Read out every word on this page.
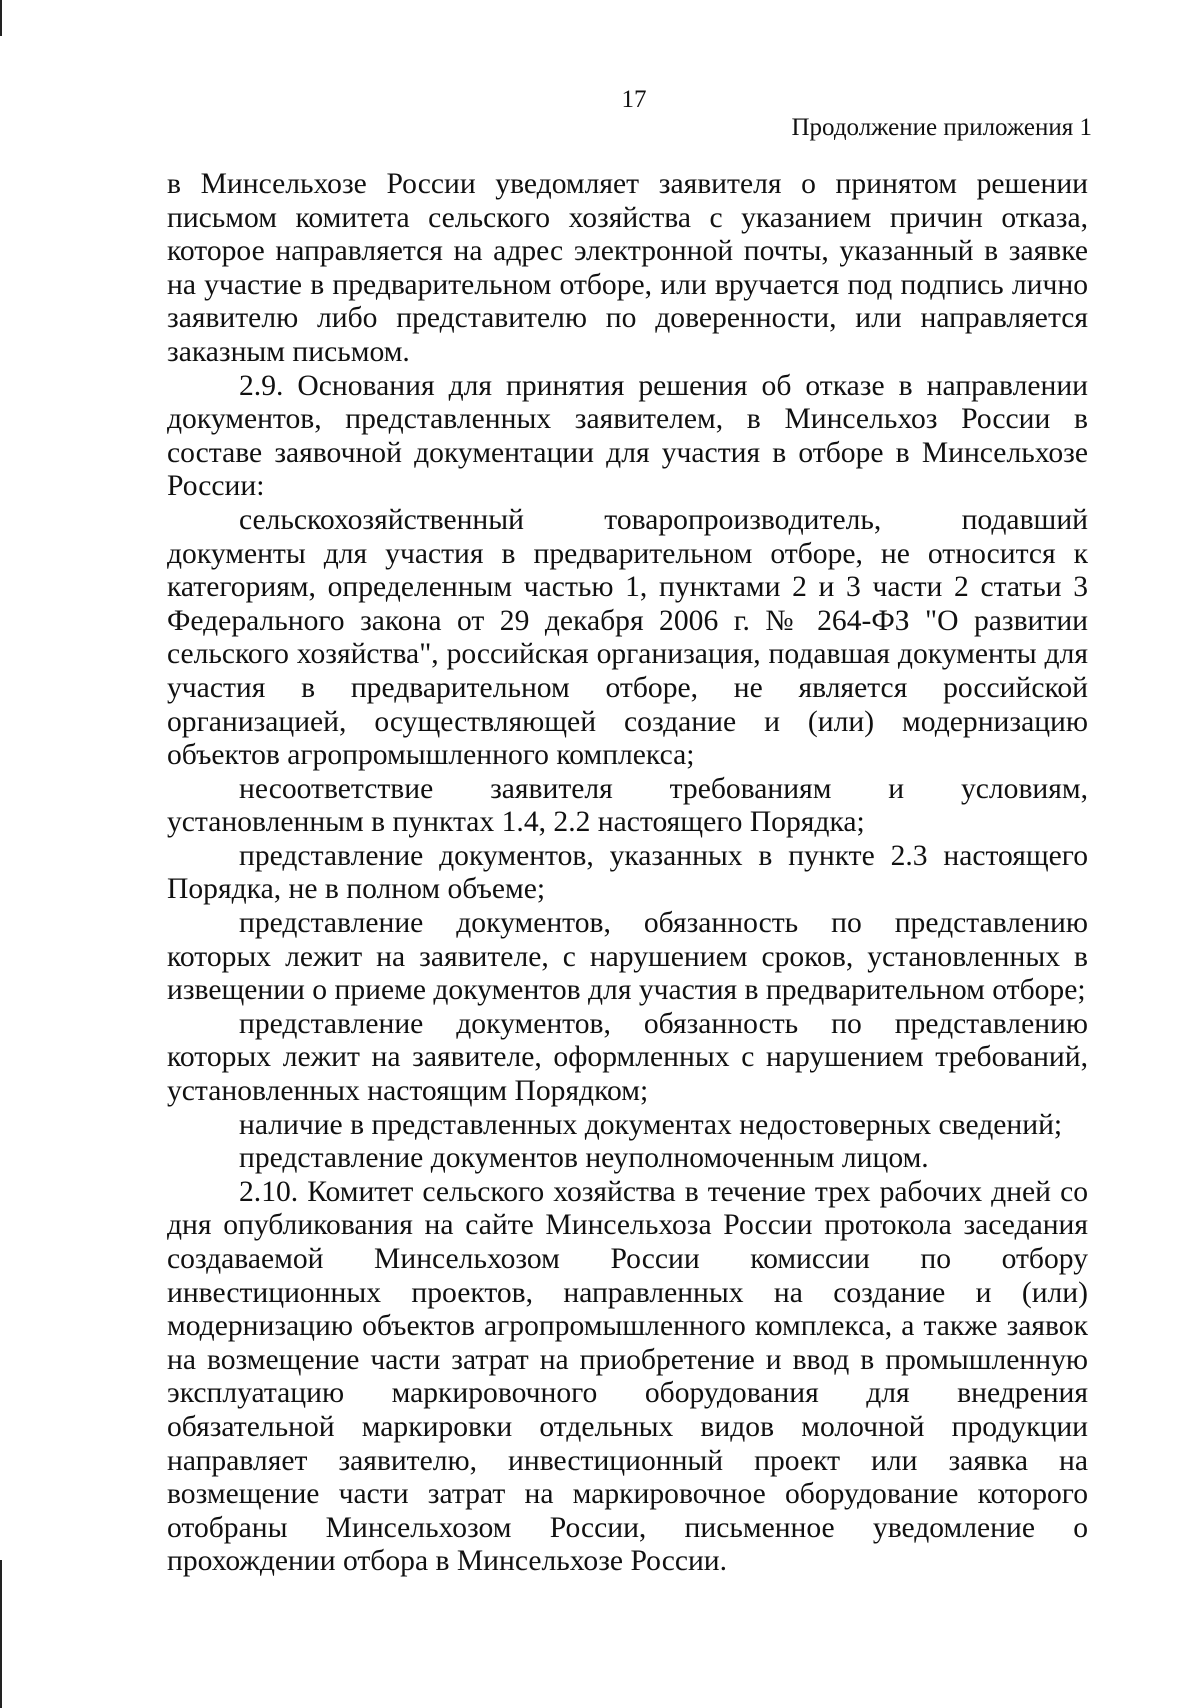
17
Продолжение приложения 1

в Минсельхозе России уведомляет заявителя о принятом решении письмом комитета сельского хозяйства с указанием причин отказа, которое направляется на адрес электронной почты, указанный в заявке на участие в предварительном отборе, или вручается под подпись лично заявителю либо представителю по доверенности, или направляется заказным письмом.

2.9. Основания для принятия решения об отказе в направлении документов, представленных заявителем, в Минсельхоз России в составе заявочной документации для участия в отборе в Минсельхозе России:

сельскохозяйственный товаропроизводитель, подавший документы для участия в предварительном отборе, не относится к категориям, определенным частью 1, пунктами 2 и 3 части 2 статьи 3 Федерального закона от 29 декабря 2006 г. № 264-ФЗ "О развитии сельского хозяйства", российская организация, подавшая документы для участия в предварительном отборе, не является российской организацией, осуществляющей создание и (или) модернизацию объектов агропромышленного комплекса;

несоответствие заявителя требованиям и условиям, установленным в пунктах 1.4, 2.2 настоящего Порядка;

представление документов, указанных в пункте 2.3 настоящего Порядка, не в полном объеме;

представление документов, обязанность по представлению которых лежит на заявителе, с нарушением сроков, установленных в извещении о приеме документов для участия в предварительном отборе;

представление документов, обязанность по представлению которых лежит на заявителе, оформленных с нарушением требований, установленных настоящим Порядком;

наличие в представленных документах недостоверных сведений;

представление документов неуполномоченным лицом.

2.10. Комитет сельского хозяйства в течение трех рабочих дней со дня опубликования на сайте Минсельхоза России протокола заседания создаваемой Минсельхозом России комиссии по отбору инвестиционных проектов, направленных на создание и (или) модернизацию объектов агропромышленного комплекса, а также заявок на возмещение части затрат на приобретение и ввод в промышленную эксплуатацию маркировочного оборудования для внедрения обязательной маркировки отдельных видов молочной продукции направляет заявителю, инвестиционный проект или заявка на возмещение части затрат на маркировочное оборудование которого отобраны Минсельхозом России, письменное уведомление о прохождении отбора в Минсельхозе России.
